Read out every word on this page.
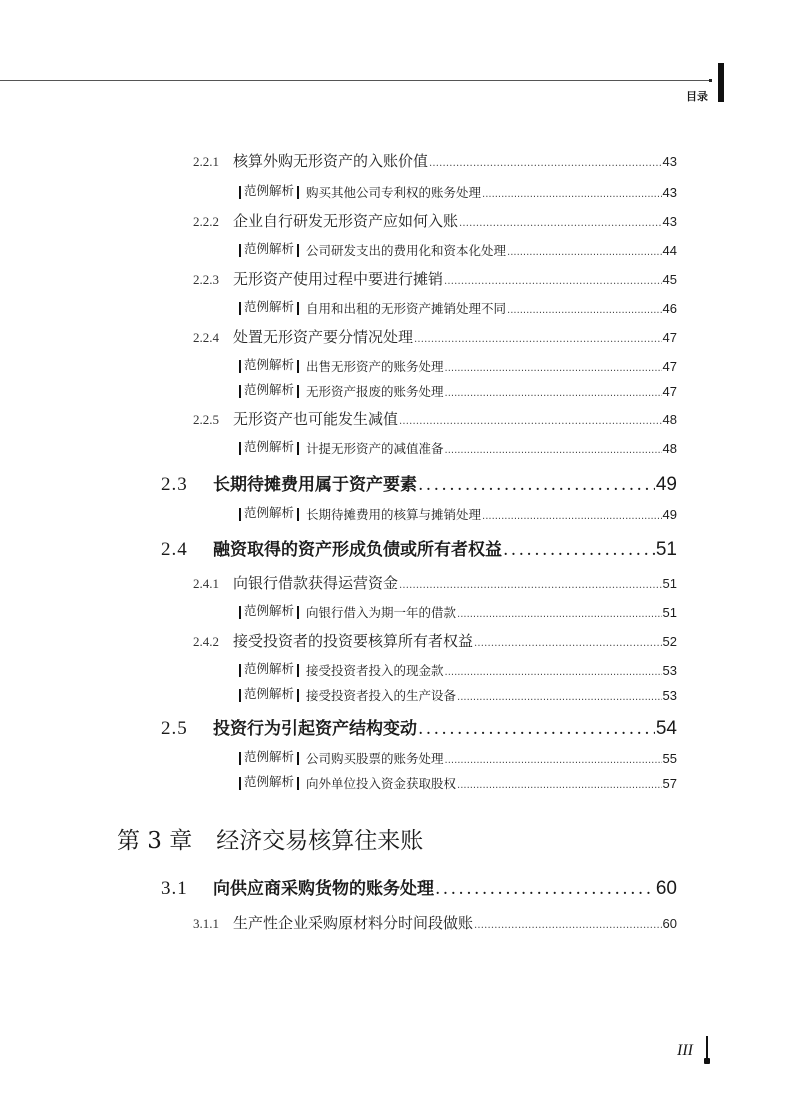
目录
2.2.1 核算外购无形资产的入账价值 .....	43
范例解析 购买其他公司专利权的账务处理 .....	43
2.2.2 企业自行研发无形资产应如何入账 .....	43
范例解析 公司研发支出的费用化和资本化处理 .....	44
2.2.3 无形资产使用过程中要进行摊销 .....	45
范例解析 自用和出租的无形资产摊销处理不同 .....	46
2.2.4 处置无形资产要分情况处理 .....	47
范例解析 出售无形资产的账务处理 .....	47
范例解析 无形资产报废的账务处理 .....	47
2.2.5 无形资产也可能发生减值 .....	48
范例解析 计提无形资产的减值准备 .....	48
2.3	长期待摊费用属于资产要素 .....	49
范例解析 长期待摊费用的核算与摊销处理 .....	49
2.4	融资取得的资产形成负债或所有者权益 .....	51
2.4.1 向银行借款获得运营资金 .....	51
范例解析 向银行借入为期一年的借款 .....	51
2.4.2 接受投资者的投资要核算所有者权益 .....	52
范例解析 接受投资者投入的现金款 .....	53
范例解析 接受投资者投入的生产设备 .....	53
2.5	投资行为引起资产结构变动 .....	54
范例解析 公司购买股票的账务处理 .....	55
范例解析 向外单位投入资金获取股权 .....	57
3.1	向供应商采购货物的账务处理 .....	60
3.1.1 生产性企业采购原材料分时间段做账 .....	60
第 3 章 经济交易核算往来账
III
